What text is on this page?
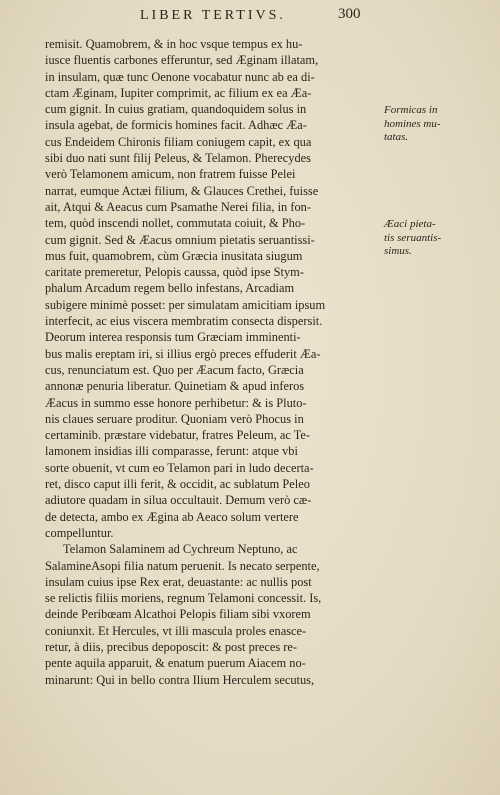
LIBER TERTIVS.	300
remisit. Quamobrem, & in hoc vsque tempus ex hu-
iusce fluentis carbones efferuntur, sed Æginam illatam,
in insulam, quæ tunc Oenone vocabatur nunc ab ea di-
ctam Æginam, Iupiter comprimit, ac filium ex ea Æa-
cum gignit. In cuius gratiam, quandoquidem solus in
insula agebat, de formicis homines facit. Adhæc Æa-
cus Endeidem Chironis filiam coniugem capit, ex qua
sibi duo nati sunt filij Peleus, & Telamon. Pherecydes
verò Telamonem amicum, non fratrem fuisse Pelei
narrat, eumque Actæi filium, & Glauces Crethei, fuisse
ait, Atqui & Aeacus cum Psamathe Nerei filia, in fon-
tem, quòd inscendi nollet, commutata coiuit, & Pho-
cum gignit. Sed & Æacus omnium pietatis seruantissi-
mus fuit, quamobrem, cùm Græcia inusitata siugum
caritate premeretur, Pelopis caussa, quòd ipse Stym-
phalum Arcadum regem bello infestans, Arcadiam
subigere minimè posset: per simulatam amicitiam ipsum
interfecit, ac eius viscera membratim consecta dispersit.
Deorum interea responsis tum Græciam imminenti-
bus malis ereptam iri, si illius ergò preces effuderit Æa-
cus, renunciatum est. Quo per Æacum facto, Græcia
annonæ penuria liberatur. Quinetiam & apud inferos
Æacus in summo esse honore perhibetur: & is Pluto-
nis claues seruare proditur. Quoniam verò Phocus in
certaminib. præstare videbatur, fratres Peleum, ac Te-
lamonem insidias illi comparasse, ferunt: atque vbi
sorte obuenit, vt cum eo Telamon pari in ludo decerta-
ret, disco caput illi ferit, & occidit, ac sublatum Peleo
adiutore quadam in silua occultauit. Demum verò cæ-
de detecta, ambo ex Ægina ab Aeaco solum vertere
compelluntur.
Telamon Salaminem ad Cychreum Neptuno, ac
SalamineAsopi filia natum peruenit. Is necato serpente,
insulam cuius ipse Rex erat, deuastante: ac nullis post
se relictis filiis moriens, regnum Telamoni concessit. Is,
deinde Peribœam Alcathoi Pelopis filiam sibi vxorem
coniunxit. Et Hercules, vt illi mascula proles enasce-
retur, à diis, precibus depoposcit: & post preces re-
pente aquila apparuit, & enatum puerum Aiacem no-
minarunt: Qui in bello contra Ilium Herculem secutus,
Formicas in
homines mu-
tatas.
Æaci pieta-
tis seruantis-
simus.
